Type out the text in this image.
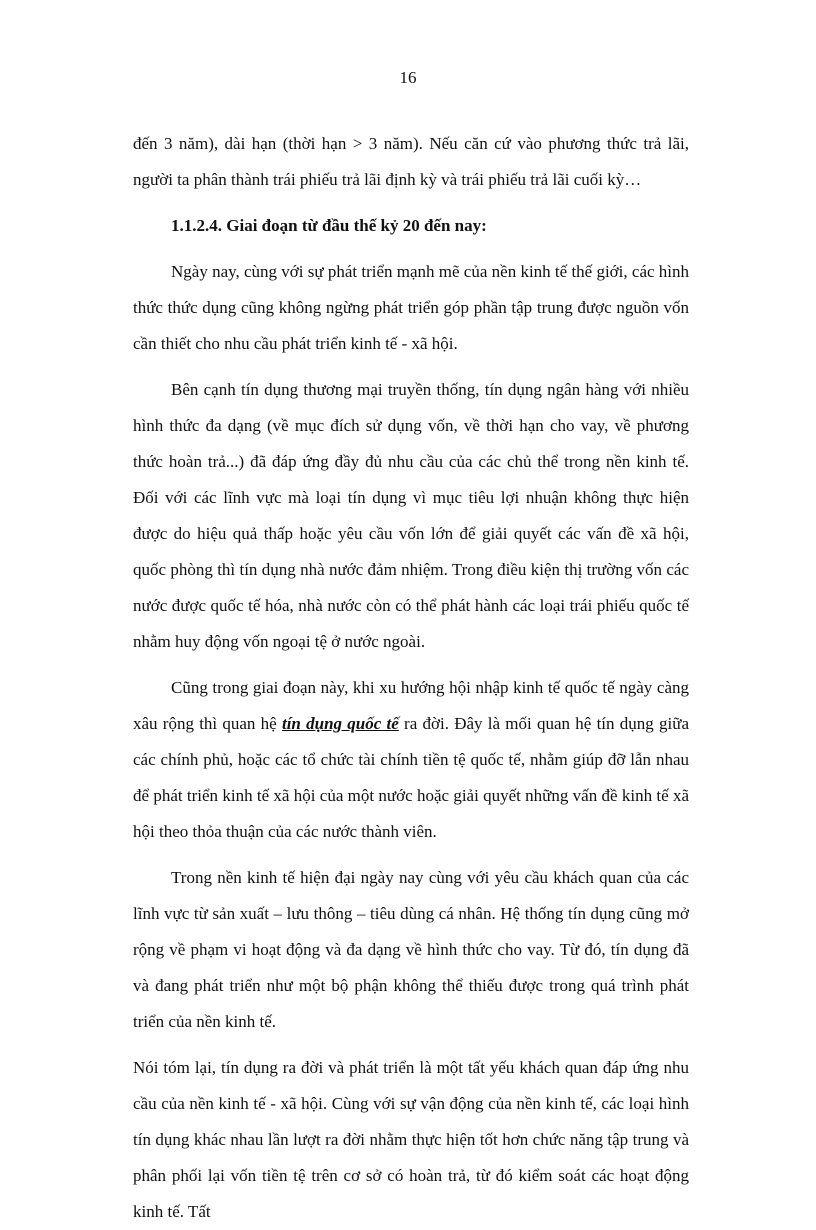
16

đến 3 năm), dài hạn (thời hạn > 3 năm). Nếu căn cứ vào phương thức trả lãi, người ta phân thành trái phiếu trả lãi định kỳ và trái phiếu trả lãi cuối kỳ…

1.1.2.4. Giai đoạn từ đầu thế kỷ 20 đến nay:

Ngày nay, cùng với sự phát triển mạnh mẽ của nền kinh tế thế giới, các hình thức thức dụng cũng không ngừng phát triển góp phần tập trung được nguồn vốn cần thiết cho nhu cầu phát triển kinh tế - xã hội.

Bên cạnh tín dụng thương mại truyền thống, tín dụng ngân hàng với nhiều hình thức đa dạng (về mục đích sử dụng vốn, về thời hạn cho vay, về phương thức hoàn trả...) đã đáp ứng đầy đủ nhu cầu của các chủ thể trong nền kinh tế. Đối với các lĩnh vực mà loại tín dụng vì mục tiêu lợi nhuận không thực hiện được do hiệu quả thấp hoặc yêu cầu vốn lớn để giải quyết các vấn đề xã hội, quốc phòng thì tín dụng nhà nước đảm nhiệm. Trong điều kiện thị trường vốn các nước được quốc tế hóa, nhà nước còn có thể phát hành các loại trái phiếu quốc tế nhằm huy động vốn ngoại tệ ở nước ngoài.

Cũng trong giai đoạn này, khi xu hướng hội nhập kinh tế quốc tế ngày càng xâu rộng thì quan hệ tín dụng quốc tế ra đời. Đây là mối quan hệ tín dụng giữa các chính phủ, hoặc các tổ chức tài chính tiền tệ quốc tế, nhằm giúp đỡ lẫn nhau để phát triển kinh tế xã hội của một nước hoặc giải quyết những vấn đề kinh tế xã hội theo thỏa thuận của các nước thành viên.

Trong nền kinh tế hiện đại ngày nay cùng với yêu cầu khách quan của các lĩnh vực từ sản xuất – lưu thông – tiêu dùng cá nhân. Hệ thống tín dụng cũng mở rộng về phạm vi hoạt động và đa dạng về hình thức cho vay. Từ đó, tín dụng đã và đang phát triển như một bộ phận không thể thiếu được trong quá trình phát triển của nền kinh tế.

Nói tóm lại, tín dụng ra đời và phát triển là một tất yếu khách quan đáp ứng nhu cầu của nền kinh tế - xã hội. Cùng với sự vận động của nền kinh tế, các loại hình tín dụng khác nhau lần lượt ra đời nhằm thực hiện tốt hơn chức năng tập trung và phân phối lại vốn tiền tệ trên cơ sở có hoàn trả, từ đó kiểm soát các hoạt động kinh tế. Tất
